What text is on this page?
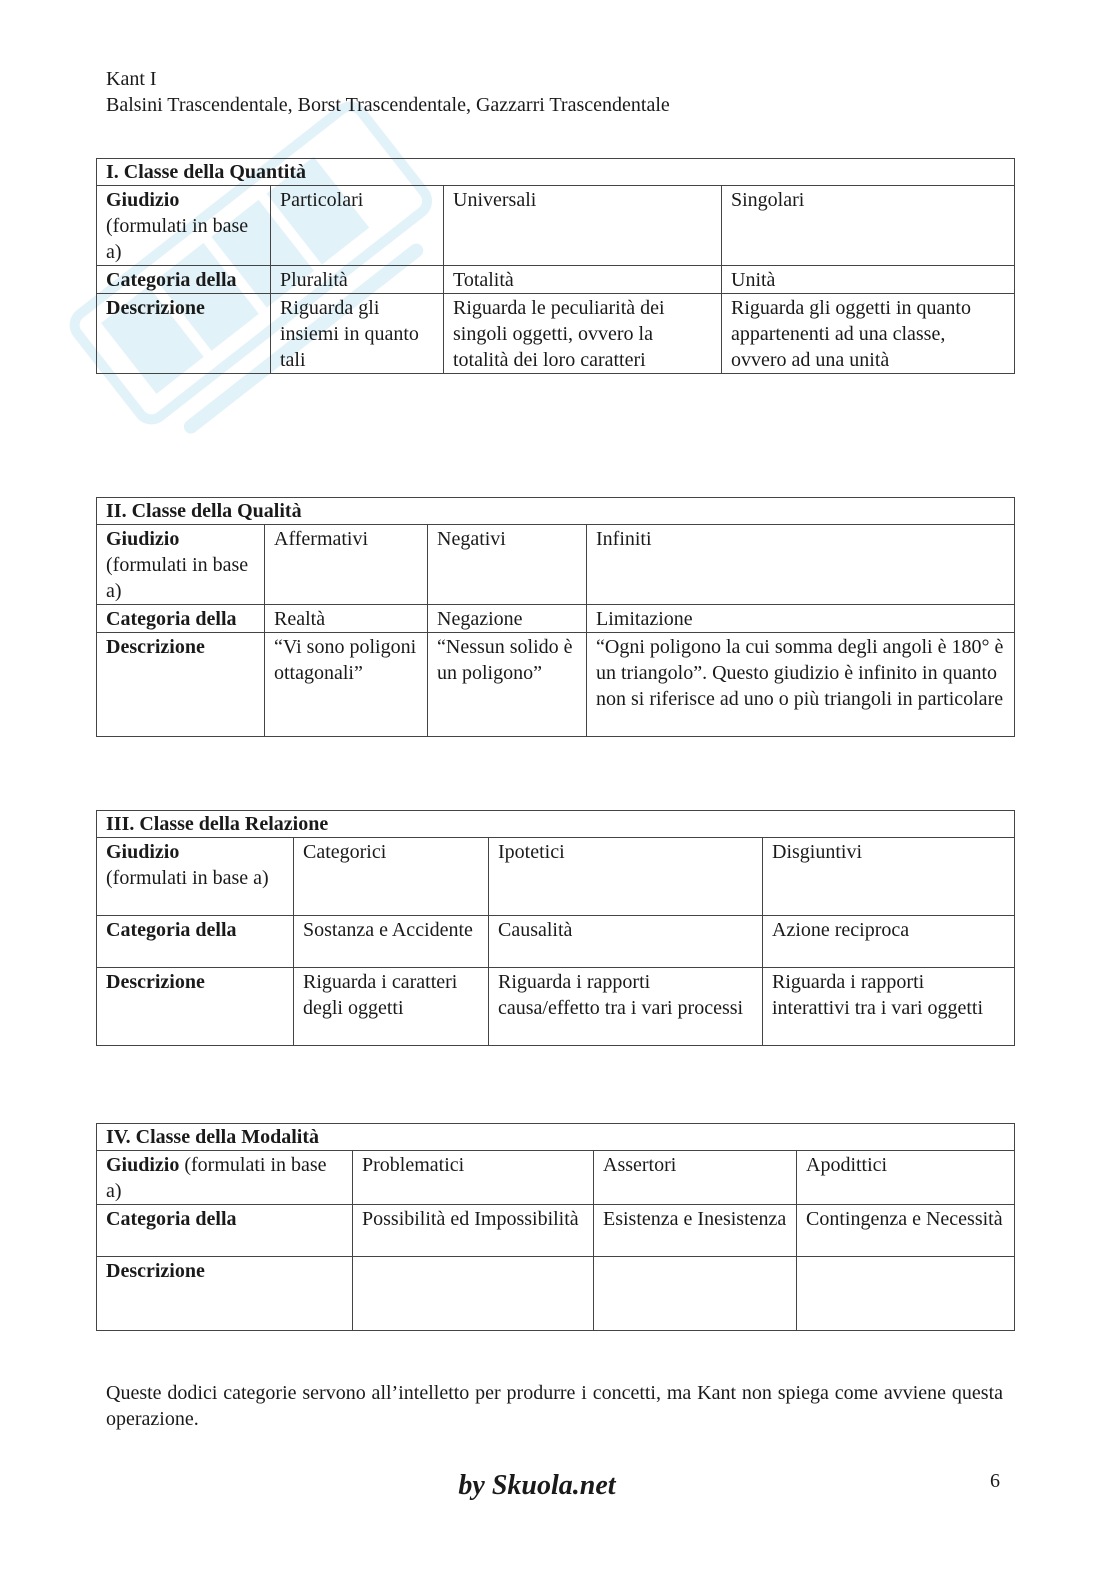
Kant I
Balsini Trascendentale, Borst Trascendentale, Gazzarri Trascendentale
I. Classe della Quantità			
Giudizio
(formulati in base a)	Particolari	Universali	Singolari
Categoria della	Pluralità	Totalità	Unità
Descrizione	Riguarda gli insiemi in quanto tali	Riguarda le peculiarità dei singoli oggetti, ovvero la totalità dei loro caratteri	Riguarda gli oggetti in quanto appartenenti ad una classe, ovvero ad una unità
II. Classe della Qualità			
Giudizio
(formulati in base a)	Affermativi	Negativi	Infiniti
Categoria della	Realtà	Negazione	Limitazione
Descrizione	“Vi sono poligoni ottagonali”	“Nessun solido è un poligono”	“Ogni poligono la cui somma degli angoli è 180° è un triangolo”. Questo giudizio è infinito in quanto non si riferisce ad uno o più triangoli in particolare
III. Classe della Relazione			
Giudizio
(formulati in base a)	Categorici	Ipotetici	Disgiuntivi
Categoria della	Sostanza e Accidente	Causalità	Azione reciproca
Descrizione	Riguarda i caratteri degli oggetti	Riguarda i rapporti causa/effetto tra i vari processi	Riguarda i rapporti interattivi tra i vari oggetti
IV. Classe della Modalità			
Giudizio (formulati in base a)	Problematici	Assertori	Apodittici
Categoria della	Possibilità ed Impossibilità	Esistenza e Inesistenza	Contingenza e Necessità
Descrizione			
Queste dodici categorie servono all’intelletto per produrre i concetti, ma Kant non spiega come avviene questa operazione.
by Skuola.net	6
